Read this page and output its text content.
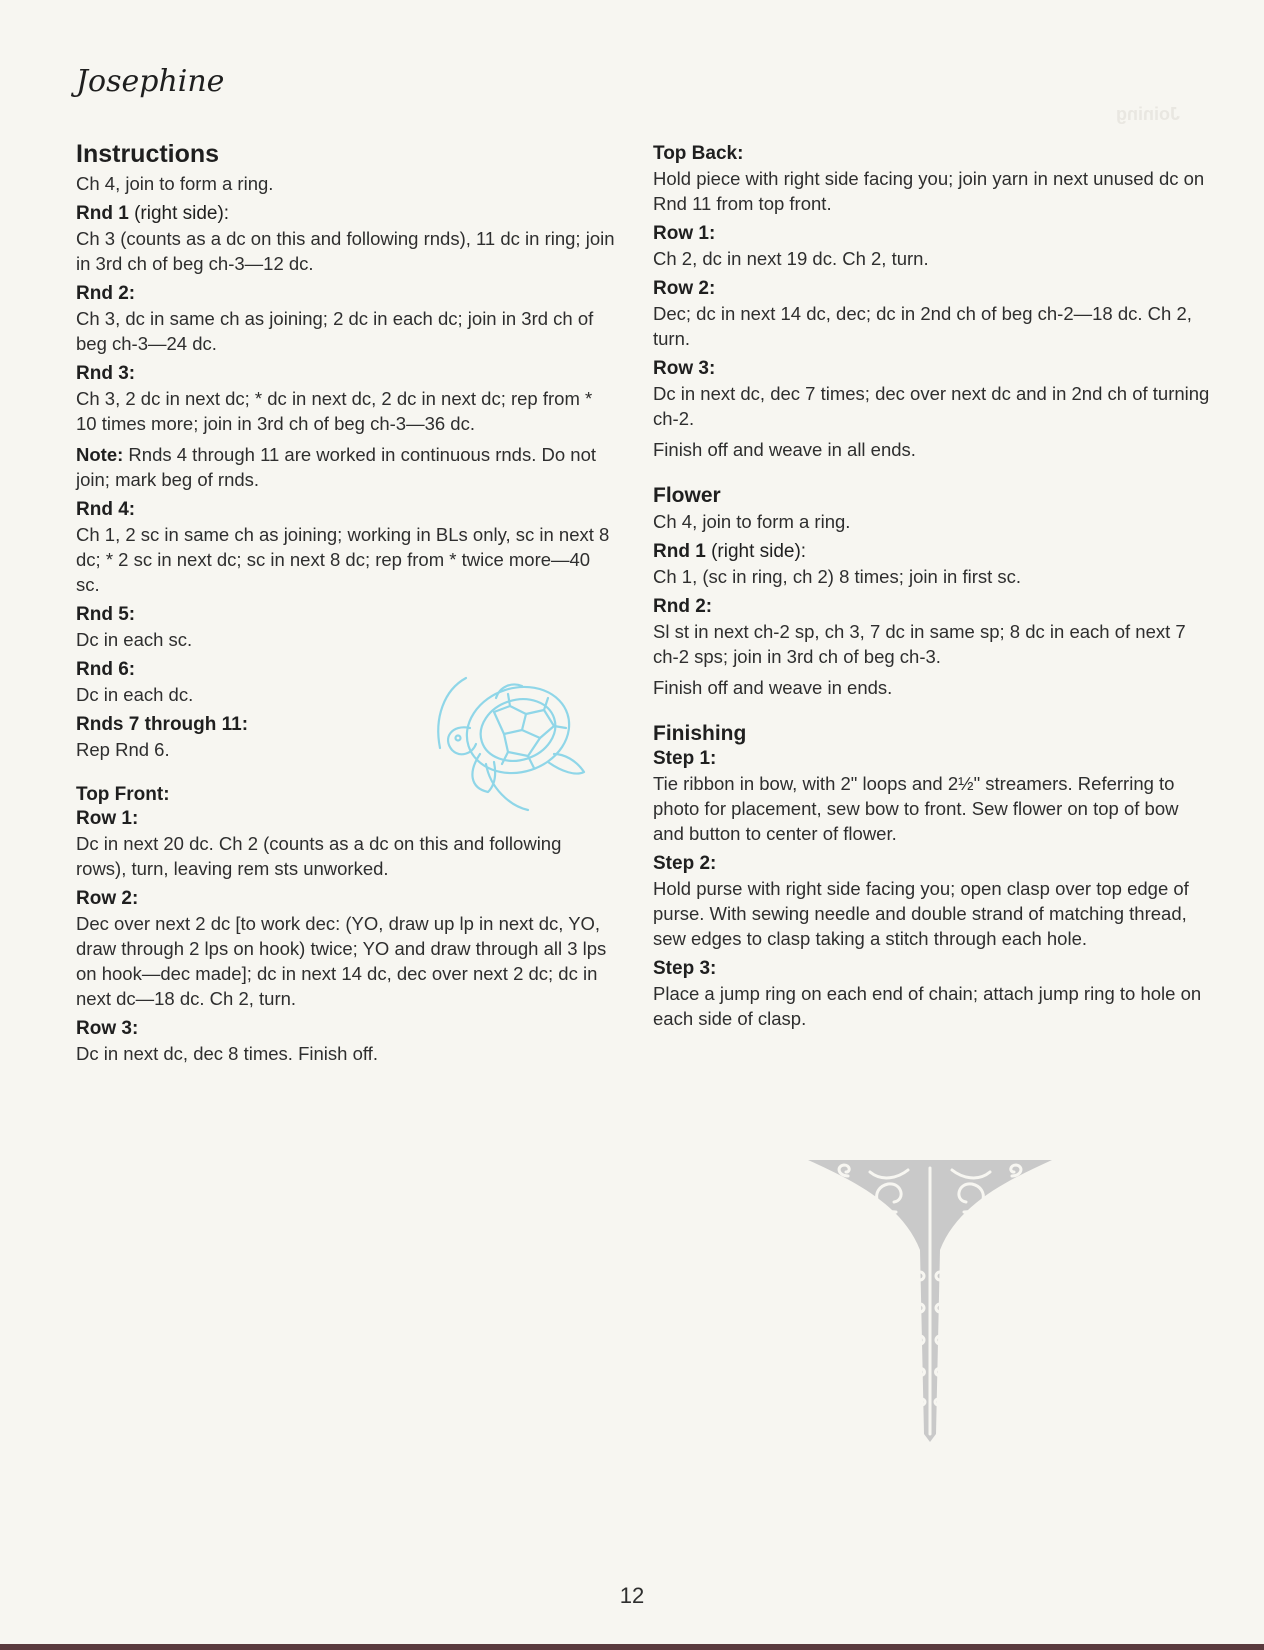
Joining
Josephine
Instructions

Ch 4, join to form a ring.

Rnd 1 (right side):

Ch 3 (counts as a dc on this and following rnds), 11 dc in ring; join in 3rd ch of beg ch-3—12 dc.

Rnd 2:

Ch 3, dc in same ch as joining; 2 dc in each dc; join in 3rd ch of beg ch-3—24 dc.

Rnd 3:

Ch 3, 2 dc in next dc; * dc in next dc, 2 dc in next dc; rep from * 10 times more; join in 3rd ch of beg ch-3—36 dc.

Note: Rnds 4 through 11 are worked in continuous rnds. Do not join; mark beg of rnds.

Rnd 4:

Ch 1, 2 sc in same ch as joining; working in BLs only, sc in next 8 dc; * 2 sc in next dc; sc in next 8 dc; rep from * twice more—40 sc.

Rnd 5:

Dc in each sc.

Rnd 6:

Dc in each dc.

Rnds 7 through 11:

Rep Rnd 6.

Top Front:

Row 1:

Dc in next 20 dc. Ch 2 (counts as a dc on this and following rows), turn, leaving rem sts unworked.

Row 2:

Dec over next 2 dc [to work dec: (YO, draw up lp in next dc, YO, draw through 2 lps on hook) twice; YO and draw through all 3 lps on hook—dec made]; dc in next 14 dc, dec over next 2 dc; dc in next dc—18 dc. Ch 2, turn.

Row 3:

Dc in next dc, dec 8 times. Finish off.

Top Back:

Hold piece with right side facing you; join yarn in next unused dc on Rnd 11 from top front.

Row 1:

Ch 2, dc in next 19 dc. Ch 2, turn.

Row 2:

Dec; dc in next 14 dc, dec; dc in 2nd ch of beg ch-2—18 dc. Ch 2, turn.

Row 3:

Dc in next dc, dec 7 times; dec over next dc and in 2nd ch of turning ch-2.

Finish off and weave in all ends.

Flower

Ch 4, join to form a ring.

Rnd 1 (right side):

Ch 1, (sc in ring, ch 2) 8 times; join in first sc.

Rnd 2:

Sl st in next ch-2 sp, ch 3, 7 dc in same sp; 8 dc in each of next 7 ch-2 sps; join in 3rd ch of beg ch-3.

Finish off and weave in ends.

Finishing

Step 1:

Tie ribbon in bow, with 2" loops and 2½" streamers. Referring to photo for placement, sew bow to front. Sew flower on top of bow and button to center of flower.

Step 2:

Hold purse with right side facing you; open clasp over top edge of purse. With sewing needle and double strand of matching thread, sew edges to clasp taking a stitch through each hole.

Step 3:

Place a jump ring on each end of chain; attach jump ring to hole on each side of clasp.

12
